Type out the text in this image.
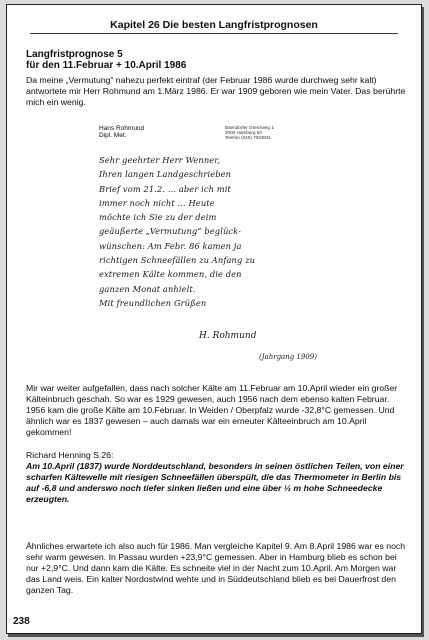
Kapitel 26 Die besten Langfristprognosen
Langfristprognose 5
für den 11.Februar + 10.April 1986
Da meine „Vermutung“ nahezu perfekt eintraf (der Februar 1986 wurde durchweg sehr kalt) antwortete mir Herr Rohmund am 1.März 1986. Er war 1909 geboren wie mein Vater. Das berührte mich ein wenig.
Hans Rohmund
Dipl. Met.
Bäendorfer Grenzweg 1
2000 Hamburg 60
Telefon (040) 7004831
Sehr geehrter Herr Wenner,
Ihren langen Landgeschrieben
Brief vom 21.2. ... aber ich mit
immer noch nicht ... Heute
möchte ich Sie zu der deim
geäußerte „Vermutung“ beglück-
wünschen: Am Febr. 86 kamen ja
richtigen Schneefällen zu Anfang zu
extremen Kälte kommen, die den
ganzen Monat anhielt.
Mit freundlichen Grüßen
H. Rohmund
(Jahrgang 1909)
Mir war weiter aufgefallen, dass nach solcher Kälte am 11.Februar am 10.April wieder ein großer Kälteinbruch geschah. So war es 1929 gewesen, auch 1956 nach dem ebenso kalten Februar. 1956 kam die große Kälte am 10.Februar. In Weiden / Oberpfalz wurde -32,8°C gemessen. Und ähnlich war es 1837 gewesen – auch damals war ein erneuter Kälteeinbruch am 10.April gekommen!
Richard Henning S.26:
Am 10.April (1837) wurde Norddeutschland, besonders in seinen östlichen Teilen, von einer scharfen Kältewelle mit riesigen Schneefällen überspült, die das Thermometer in Berlin bis auf -6,8 und anderswo noch tiefer sinken ließen und eine über ½ m hohe Schneedecke erzeugten.
Ähnliches erwartete ich also auch für 1986. Man vergleiche Kapitel 9. Am 8.April 1986 war es noch sehr warm gewesen. In Passau wurden +23,9°C gemessen. Aber in Hamburg blieb es schon bei nur +2,9°C. Und dann kam die Kälte. Es schneite viel in der Nacht zum 10.April. Am Morgen war das Land weis. Ein kalter Nordostwind wehte und in Süddeutschland blieb es bei Dauerfrost den ganzen Tag.
238
